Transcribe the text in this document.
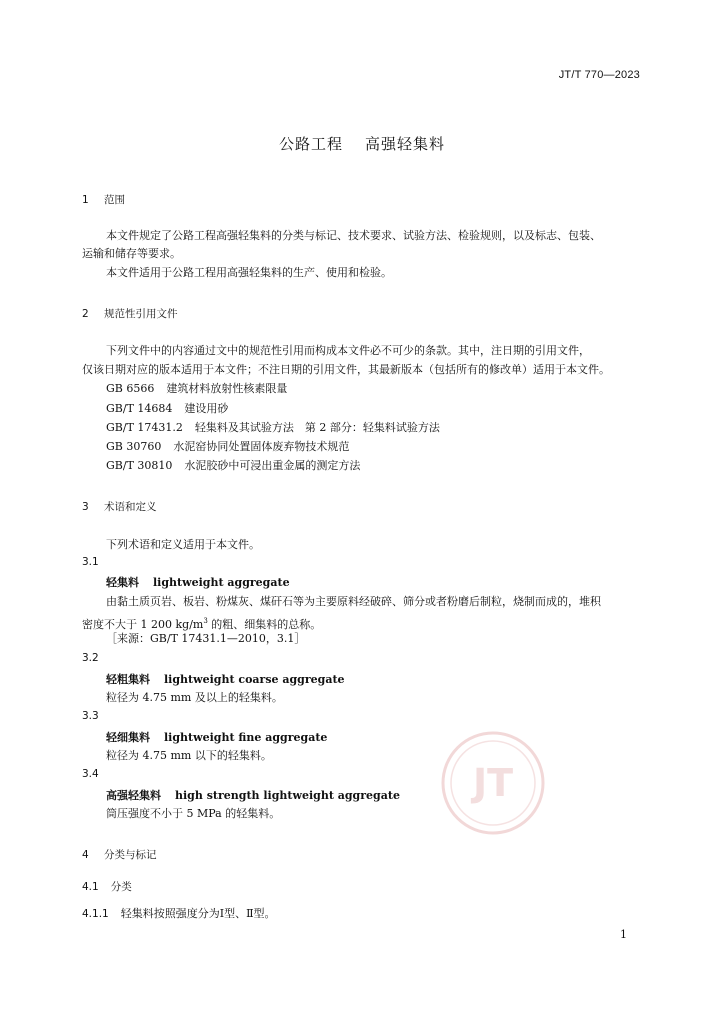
JT/T 770—2023
公路工程 高强轻集料
1 范围
本文件规定了公路工程高强轻集料的分类与标记、技术要求、试验方法、检验规则，以及标志、包装、
运输和储存等要求。
本文件适用于公路工程用高强轻集料的生产、使用和检验。
2 规范性引用文件
下列文件中的内容通过文中的规范性引用而构成本文件必不可少的条款。其中，注日期的引用文件，
仅该日期对应的版本适用于本文件；不注日期的引用文件，其最新版本（包括所有的修改单）适用于本文件。
GB 6566 建筑材料放射性核素限量
GB/T 14684 建设用砂
GB/T 17431.2 轻集料及其试验方法　第 2 部分：轻集料试验方法
GB 30760 水泥窑协同处置固体废弃物技术规范
GB/T 30810 水泥胶砂中可浸出重金属的测定方法
3 术语和定义
下列术语和定义适用于本文件。
3.1
轻集料 lightweight aggregate
由黏土质页岩、板岩、粉煤灰、煤矸石等为主要原料经破碎、筛分或者粉磨后制粒，烧制而成的，堆积
密度不大于 1 200 $kg/m^3$ 的粗、细集料的总称。
［来源：GB/T 17431.1—2010，3.1］
3.2
轻粗集料 lightweight coarse aggregate
粒径为 4.75 mm 及以上的轻集料。
3.3
轻细集料 lightweight fine aggregate
粒径为 4.75 mm 以下的轻集料。
3.4
高强轻集料 high strength lightweight aggregate
筒压强度不小于 5 MPa 的轻集料。
4 分类与标记
4.1 分类
4.1.1 轻集料按照强度分为Ⅰ型、Ⅱ型。
JT
1
